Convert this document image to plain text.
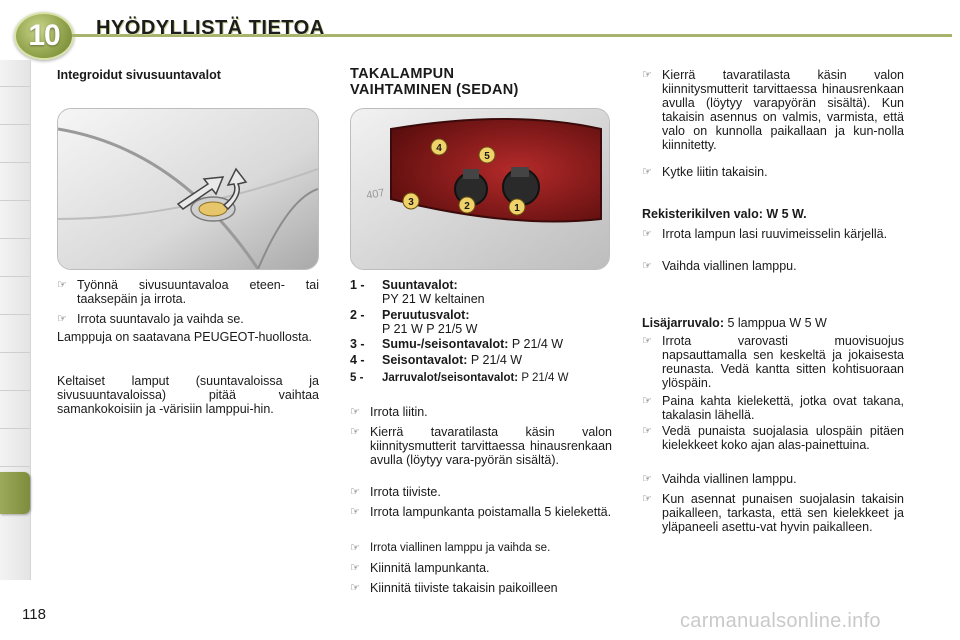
10 HYÖDYLLISTÄ TIETOA
Integroidut sivusuuntavalot
☞ Työnnä sivusuuntavaloa eteen- tai taaksepäin ja irrota.
☞ Irrota suuntavalo ja vaihda se.
Lamppuja on saatavana PEUGEOT-huollosta.
Keltaiset lamput (suuntavaloissa ja sivusuuntavaloissa) pitää vaihtaa samankokoisiin ja -värisiin lamppui-hin.
TAKALAMPUN
VAIHTAMINEN (SEDAN)
4
5
3	2	1
407
1 - Suuntavalot:
PY 21 W keltainen
2 - Peruutusvalot:
P 21 W P 21/5 W
3 - Sumu-/seisontavalot: P 21/4 W
4 - Seisontavalot: P 21/4 W
5 - Jarruvalot/seisontavalot: P 21/4 W
☞ Irrota liitin.
☞ Kierrä tavaratilasta käsin valon kiinnitysmutterit tarvittaessa hinausrenkaan avulla (löytyy vara-pyörän sisältä).
☞ Irrota tiiviste.
☞ Irrota lampunkanta poistamalla 5 kielekettä.
☞ Irrota viallinen lamppu ja vaihda se.
☞ Kiinnitä lampunkanta.
☞ Kiinnitä tiiviste takaisin paikoilleen
☞ Kierrä tavaratilasta käsin valon kiinnitysmutterit tarvittaessa hinausrenkaan avulla (löytyy varapyörän sisältä). Kun takaisin asennus on valmis, varmista, että valo on kunnolla paikallaan ja kun-nolla kiinnitetty.
☞ Kytke liitin takaisin.
Rekisterikilven valo: W 5 W.
☞ Irrota lampun lasi ruuvimeisselin kärjellä.
☞ Vaihda viallinen lamppu.
Lisäjarruvalo: 5 lamppua W 5 W
☞ Irrota varovasti muovisuojus napsauttamalla sen keskeltä ja jokaisesta reunasta. Vedä kantta sitten kohtisuoraan ylöspäin.
☞ Paina kahta kielekettä, jotka ovat takana, takalasin lähellä.
☞ Vedä punaista suojalasia ulospäin pitäen kielekkeet koko ajan alas-painettuina.
☞ Vaihda viallinen lamppu.
☞ Kun asennat punaisen suojalasin takaisin paikalleen, tarkasta, että sen kielekkeet ja yläpaneeli asettu-vat hyvin paikalleen.
118	carmanualsonline.info
